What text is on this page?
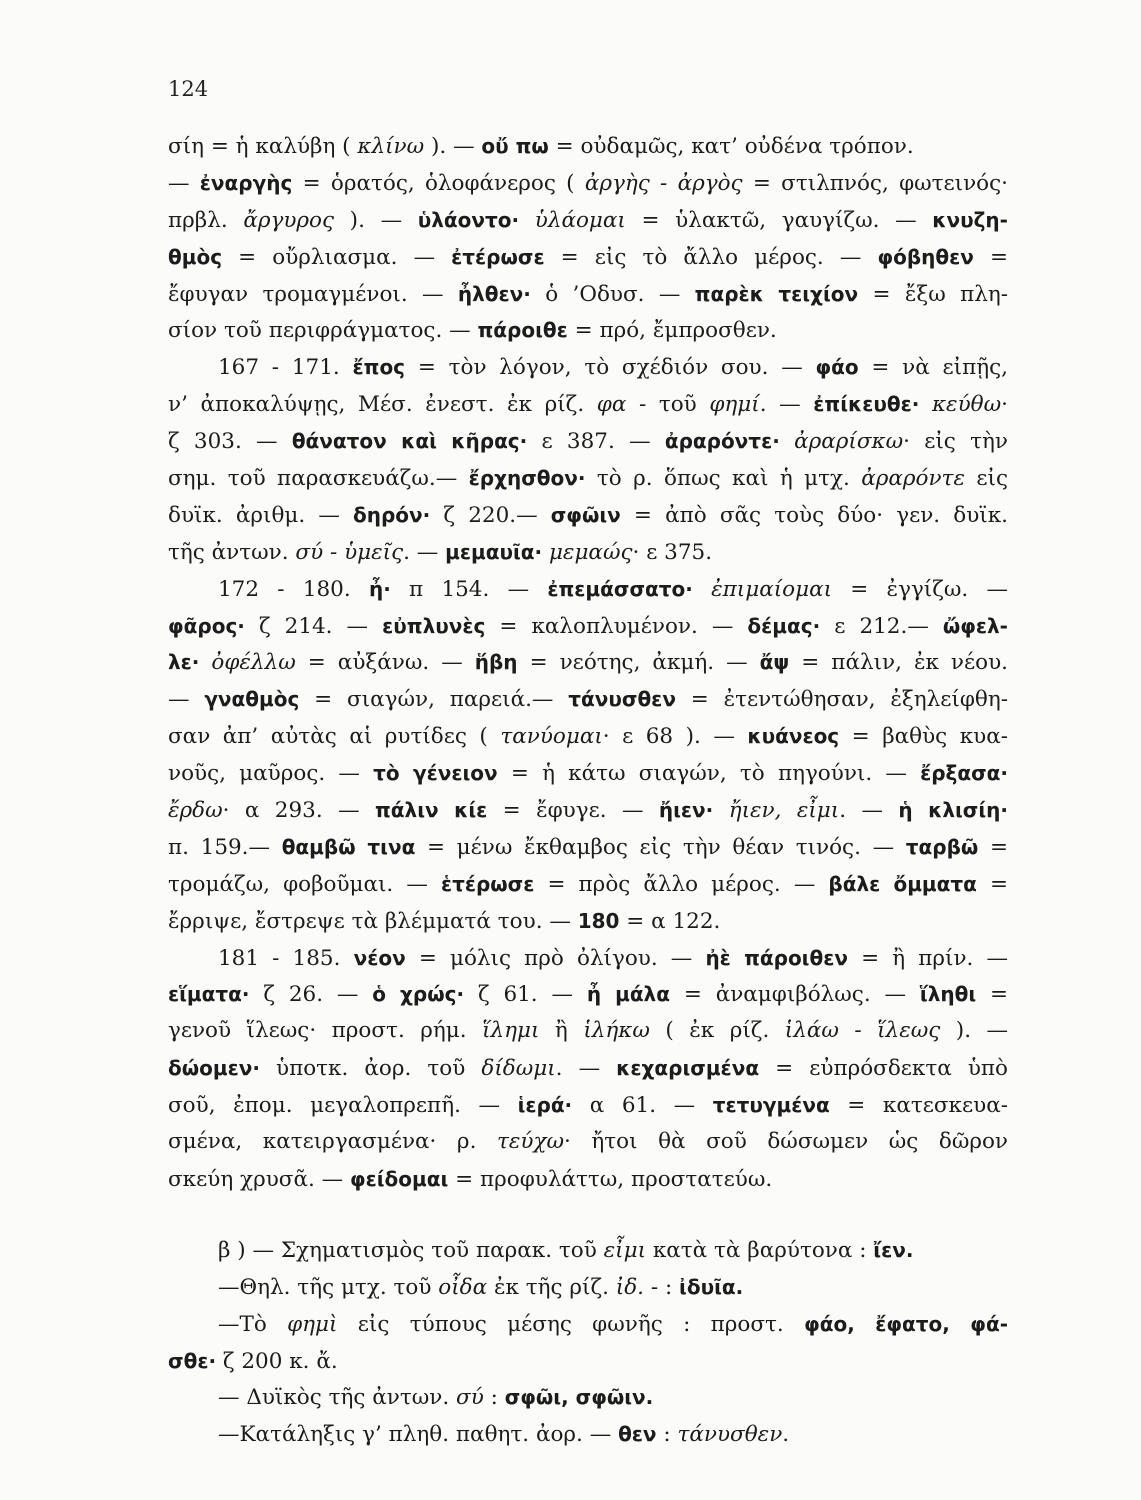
124
σίη = ἡ καλύβη ( κλίνω ). — οὔ πω = οὐδαμῶς, κατ’ οὐδένα τρόπον.
— ἐναργὴς = ὁρατός, ὁλοφάνερος ( ἀργὴς - ἀργὸς = στιλπνός, φωτεινός·
πρβλ. ἄργυρος ). — ὑλάοντο· ὑλάομαι = ὑλακτῶ, γαυγίζω. — κνυζη-
θμὸς = οὔρλιασμα. — ἐτέρωσε = εἰς τὸ ἄλλο μέρος. — φόβηθεν =
ἔφυγαν τρομαγμένοι. — ἦλθεν· ὁ ’Οδυσ. — παρὲκ τειχίον = ἔξω πλη-
σίον τοῦ περιφράγματος. — πάροιθε = πρό, ἔμπροσθεν.
167 - 171. ἔπος = τὸν λόγον, τὸ σχέδιόν σου. — φάο = νὰ εἰπῇς,
ν’ ἀποκαλύψῃς, Μέσ. ἐνεστ. ἐκ ρίζ. φα - τοῦ φημί. — ἐπίκευθε· κεύθω·
ζ 303. — θάνατον καὶ κῆρας· ε 387. — ἀραρόντε· ἀραρίσκω· εἰς τὴν
σημ. τοῦ παρασκευάζω.— ἔρχησθον· τὸ ρ. ὅπως καὶ ἡ μτχ. ἀραρόντε εἰς
δυϊκ. ἀριθμ. — δηρόν· ζ 220.— σφῶιν = ἀπὸ σᾶς τοὺς δύο· γεν. δυϊκ.
τῆς ἀντων. σύ - ὑμεῖς. — μεμαυῖα· μεμαώς· ε 375.
172 - 180. ἦ· π 154. — ἐπεμάσσατο· ἐπιμαίομαι = ἐγγίζω. —
φᾶρος· ζ 214. — εὐπλυνὲς = καλοπλυμένον. — δέμας· ε 212.— ὤφελ-
λε· ὀφέλλω = αὐξάνω. — ἥβη = νεότης, ἀκμή. — ἄψ = πάλιν, ἐκ νέου.
— γναθμὸς = σιαγών, παρειά.— τάνυσθεν = ἐτεντώθησαν, ἐξηλείφθη-
σαν ἀπ’ αὐτὰς αἱ ρυτίδες ( τανύομαι· ε 68 ). — κυάνεος = βαθὺς κυα-
νοῦς, μαῦρος. — τὸ γένειον = ἡ κάτω σιαγών, τὸ πηγούνι. — ἔρξασα·
ἔρδω· α 293. — πάλιν κίε = ἔφυγε. — ἤιεν· ἤιεν, εἶμι. — ἡ κλισίη·
π. 159.— θαμβῶ τινα = μένω ἔκθαμβος εἰς τὴν θέαν τινός. — ταρβῶ =
τρομάζω, φοβοῦμαι. — ἑτέρωσε = πρὸς ἄλλο μέρος. — βάλε ὄμματα =
ἔρριψε, ἔστρεψε τὰ βλέμματά του. — 180 = α 122.
181 - 185. νέον = μόλις πρὸ ὀλίγου. — ἠὲ πάροιθεν = ἢ πρίν. —
εἵματα· ζ 26. — ὁ χρώς· ζ 61. — ἦ μάλα = ἀναμφιβόλως. — ἵληθι =
γενοῦ ἵλεως· προστ. ρήμ. ἵλημι ἢ ἱλήκω ( ἐκ ρίζ. ἱλάω - ἵλεως ). —
δώομεν· ὑποτκ. ἀορ. τοῦ δίδωμι. — κεχαρισμένα = εὐπρόσδεκτα ὑπὸ
σοῦ, ἐπομ. μεγαλοπρεπῆ. — ἱερά· α 61. — τετυγμένα = κατεσκευα-
σμένα, κατειργασμένα· ρ. τεύχω· ἤτοι θὰ σοῦ δώσωμεν ὡς δῶρον
σκεύη χρυσᾶ. — φείδομαι = προφυλάττω, προστατεύω.
β ) — Σχηματισμὸς τοῦ παρακ. τοῦ εἶμι κατὰ τὰ βαρύτονα : ἴεν.
—Θηλ. τῆς μτχ. τοῦ οἶδα ἐκ τῆς ρίζ. ἰδ. - : ἰδυῖα.
—Τὸ φημὶ εἰς τύπους μέσης φωνῆς : προστ. φάο, ἔφατο, φά-
σθε· ζ 200 κ. ἄ.
— Δυϊκὸς τῆς ἀντων. σύ : σφῶι, σφῶιν.
—Κατάληξις γ’ πληθ. παθητ. ἀορ. — θεν : τάνυσθεν.
